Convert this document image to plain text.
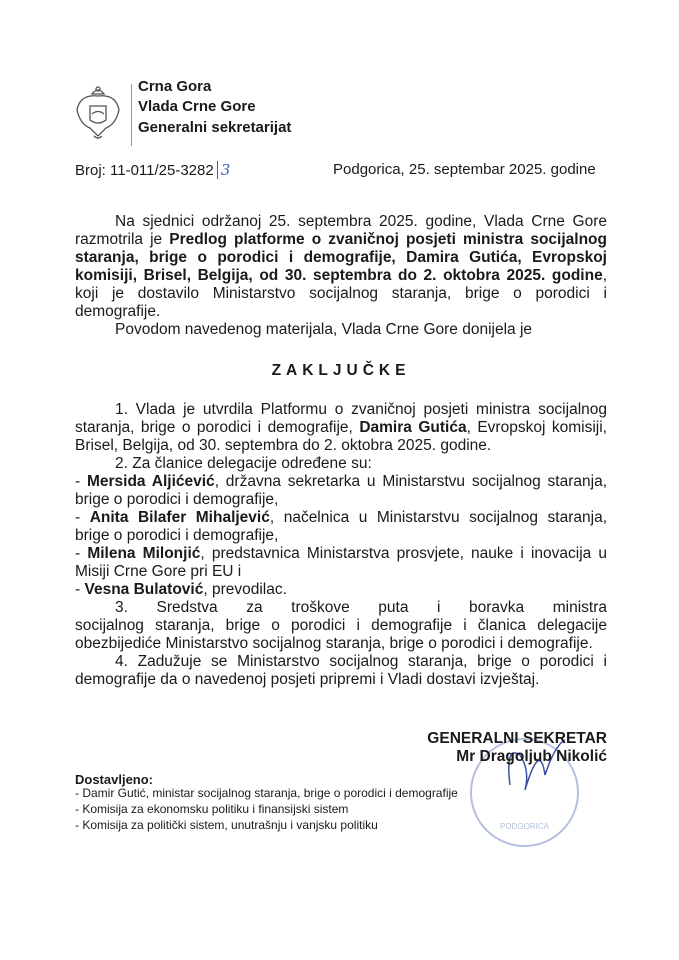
Crna Gora
Vlada Crne Gore
Generalni sekretarijat
Broj: 11-011/25-3282 3	Podgorica, 25. septembar 2025. godine
Na sjednici održanoj 25. septembra 2025. godine, Vlada Crne Gore
razmotrila je Predlog platforme o zvaničnoj posjeti ministra socijalnog
staranja, brige o porodici i demografije, Damira Gutića, Evropskoj
komisiji, Brisel, Belgija, od 30. septembra do 2. oktobra 2025. godine,
koji je dostavilo Ministarstvo socijalnog staranja, brige o porodici i
demografije.
Povodom navedenog materijala, Vlada Crne Gore donijela je
1. Vlada je utvrdila Platformu o zvaničnoj posjeti ministra socijalnog
staranja, brige o porodici i demografije, Damira Gutića, Evropskoj komisiji,
Brisel, Belgija, od 30. septembra do 2. oktobra 2025. godine.
2. Za članice delegacije određene su:
- Mersida Aljićević, državna sekretarka u Ministarstvu socijalnog staranja,
brige o porodici i demografije,
- Anita Bilafer Mihaljević, načelnica u Ministarstvu socijalnog staranja,
brige o porodici i demografije,
- Milena Milonjić, predstavnica Ministarstva prosvjete, nauke i inovacija u
Misiji Crne Gore pri EU i
- Vesna Bulatović, prevodilac.
3. Sredstva za troškove puta i boravka ministra
socijalnog staranja, brige o porodici i demografije i članica delegacije
obezbijediće Ministarstvo socijalnog staranja, brige o porodici i demografije.
4. Zadužuje se Ministarstvo socijalnog staranja, brige o porodici i
demografije da o navedenoj posjeti pripremi i Vladi dostavi izvještaj.
ZAKLJUČKE
PODGORICA
GENERALNI SEKRETAR
Mr Dragoljub Nikolić
Dostavljeno:
- Damir Gutić, ministar socijalnog staranja, brige o porodici i demografije
- Komisija za ekonomsku politiku i finansijski sistem
- Komisija za politički sistem, unutrašnju i vanjsku politiku
